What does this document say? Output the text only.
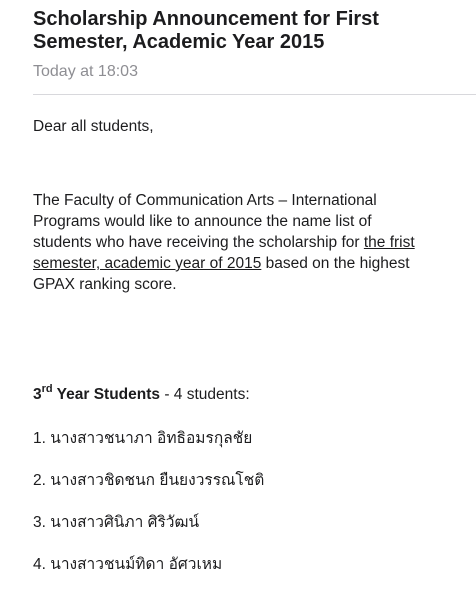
Scholarship Announcement for First Semester, Academic Year 2015
Today at 18:03
Dear all students,
The Faculty of Communication Arts – International Programs would like to announce the name list of students who have receiving the scholarship for the frist semester, academic year of 2015 based on the highest GPAX ranking score.
3rd Year Students - 4 students:
1. นางสาวชนาภา อิทธิอมรกุลชัย
2. นางสาวชิดชนก ยืนยงวรรณโชติ
3. นางสาวศินิภา ศิริวัฒน์
4. นางสาวชนม์ทิดา อัศวเหม
